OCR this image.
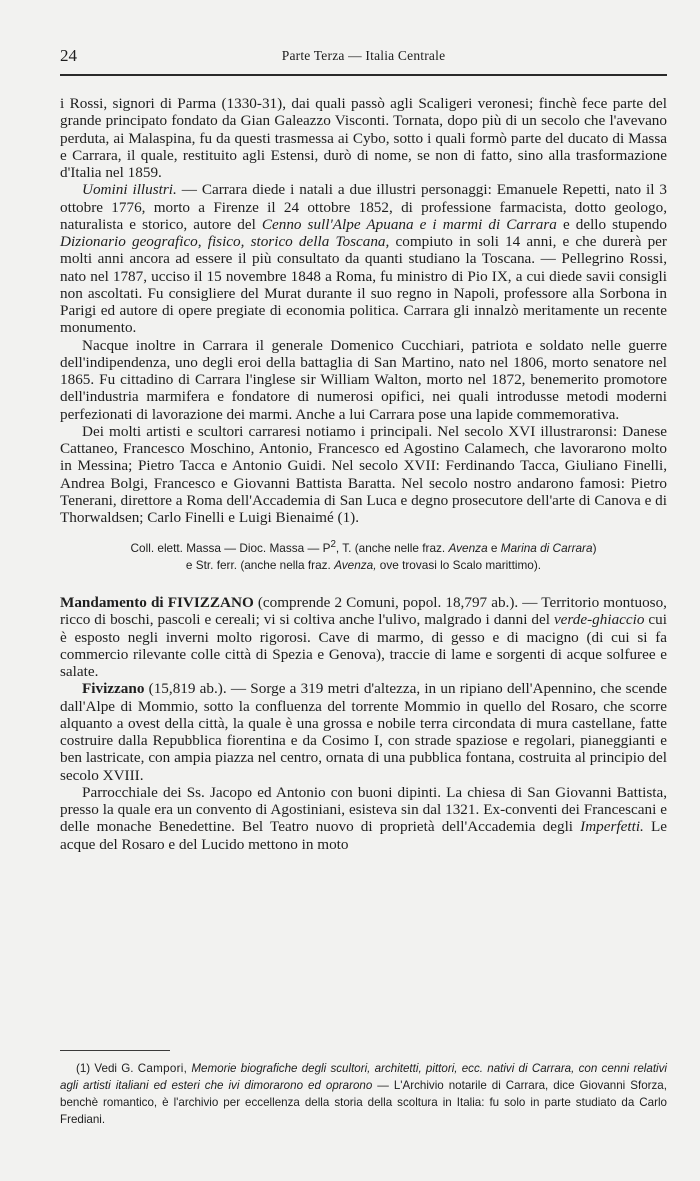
24	Parte Terza — Italia Centrale

i Rossi, signori di Parma (1330-31), dai quali passò agli Scaligeri veronesi; finchè fece parte del grande principato fondato da Gian Galeazzo Visconti. Tornata, dopo più di un secolo che l'avevano perduta, ai Malaspina, fu da questi trasmessa ai Cybo, sotto i quali formò parte del ducato di Massa e Carrara, il quale, restituito agli Estensi, durò di nome, se non di fatto, sino alla trasformazione d'Italia nel 1859.

Uomini illustri. — Carrara diede i natali a due illustri personaggi: Emanuele Repetti, nato il 3 ottobre 1776, morto a Firenze il 24 ottobre 1852, di professione farmacista, dotto geologo, naturalista e storico, autore del Cenno sull'Alpe Apuana e i marmi di Carrara e dello stupendo Dizionario geografico, fisico, storico della Toscana, compiuto in soli 14 anni, e che durerà per molti anni ancora ad essere il più consultato da quanti studiano la Toscana. — Pellegrino Rossi, nato nel 1787, ucciso il 15 novembre 1848 a Roma, fu ministro di Pio IX, a cui diede savii consigli non ascoltati. Fu consigliere del Murat durante il suo regno in Napoli, professore alla Sorbona in Parigi ed autore di opere pregiate di economia politica. Carrara gli innalzò meritamente un recente monumento.

Nacque inoltre in Carrara il generale Domenico Cucchiari, patriota e soldato nelle guerre dell'indipendenza, uno degli eroi della battaglia di San Martino, nato nel 1806, morto senatore nel 1865. Fu cittadino di Carrara l'inglese sir William Walton, morto nel 1872, benemerito promotore dell'industria marmifera e fondatore di numerosi opifici, nei quali introdusse metodi moderni perfezionati di lavorazione dei marmi. Anche a lui Carrara pose una lapide commemorativa.

Dei molti artisti e scultori carraresi notiamo i principali. Nel secolo XVI illustraronsi: Danese Cattaneo, Francesco Moschino, Antonio, Francesco ed Agostino Calamech, che lavorarono molto in Messina; Pietro Tacca e Antonio Guidi. Nel secolo XVII: Ferdinando Tacca, Giuliano Finelli, Andrea Bolgi, Francesco e Giovanni Battista Baratta. Nel secolo nostro andarono famosi: Pietro Tenerani, direttore a Roma dell'Accademia di San Luca e degno prosecutore dell'arte di Canova e di Thorwaldsen; Carlo Finelli e Luigi Bienaimé (1).

Coll. elett. Massa — Dioc. Massa — $P^2$, T. (anche nelle fraz. Avenza e Marina di Carrara)
e Str. ferr. (anche nella fraz. Avenza, ove trovasi lo Scalo marittimo).

Mandamento di FIVIZZANO (comprende 2 Comuni, popol. 18,797 ab.). — Territorio montuoso, ricco di boschi, pascoli e cereali; vi si coltiva anche l'ulivo, malgrado i danni del verde-ghiaccio cui è esposto negli inverni molto rigorosi. Cave di marmo, di gesso e di macigno (di cui si fa commercio rilevante colle città di Spezia e Genova), traccie di lame e sorgenti di acque solfuree e salate.

Fivizzano (15,819 ab.). — Sorge a 319 metri d'altezza, in un ripiano dell'Apennino, che scende dall'Alpe di Mommio, sotto la confluenza del torrente Mommio in quello del Rosaro, che scorre alquanto a ovest della città, la quale è una grossa e nobile terra circondata di mura castellane, fatte costruire dalla Repubblica fiorentina e da Cosimo I, con strade spaziose e regolari, pianeggianti e ben lastricate, con ampia piazza nel centro, ornata di una pubblica fontana, costruita al principio del secolo XVIII.

Parrocchiale dei Ss. Jacopo ed Antonio con buoni dipinti. La chiesa di San Giovanni Battista, presso la quale era un convento di Agostiniani, esisteva sin dal 1321. Ex-conventi dei Francescani e delle monache Benedettine. Bel Teatro nuovo di proprietà dell'Accademia degli Imperfetti. Le acque del Rosaro e del Lucido mettono in moto

(1) Vedi G. Campori, Memorie biografiche degli scultori, architetti, pittori, ecc. nativi di Carrara, con cenni relativi agli artisti italiani ed esteri che ivi dimorarono ed oprarono — L'Archivio notarile di Carrara, dice Giovanni Sforza, benchè romantico, è l'archivio per eccellenza della storia della scoltura in Italia: fu solo in parte studiato da Carlo Frediani.
